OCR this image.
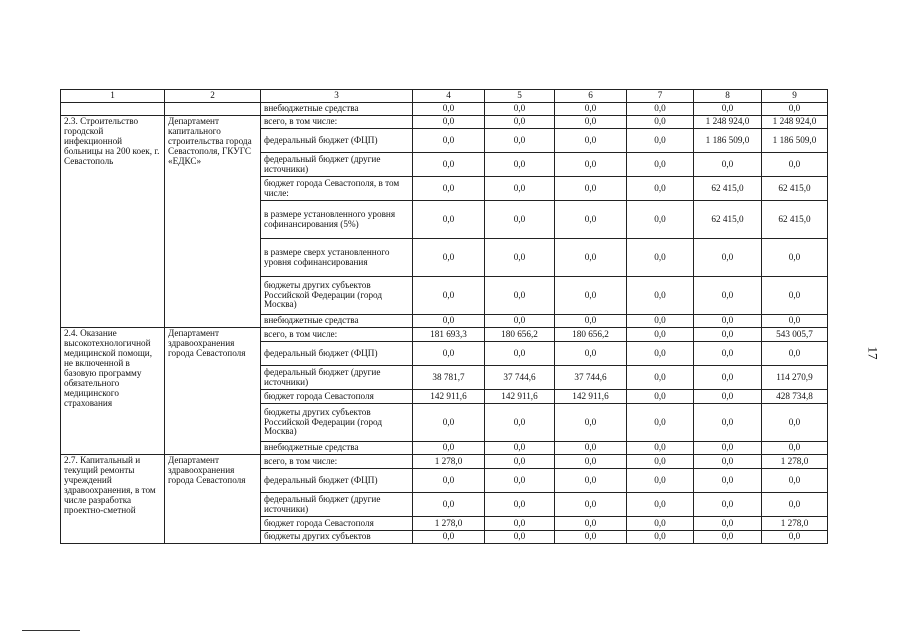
1	2	3	4	5	6	7	8	9
		внебюджетные средства	0,0	0,0	0,0	0,0	0,0	0,0
2.3. Строительство городской инфекционной больницы на 200 коек, г. Севастополь	Департамент капитального строительства города Севастополя, ГКУГС «ЕДКС»	всего, в том числе:	0,0	0,0	0,0	0,0	1 248 924,0	1 248 924,0
		федеральный бюджет (ФЦП)	0,0	0,0	0,0	0,0	1 186 509,0	1 186 509,0
		федеральный бюджет (другие источники)	0,0	0,0	0,0	0,0	0,0	0,0
		бюджет города Севастополя, в том числе:	0,0	0,0	0,0	0,0	62 415,0	62 415,0
		в размере установленного уровня софинансирования (5%)	0,0	0,0	0,0	0,0	62 415,0	62 415,0
		в размере сверх установленного уровня софинансирования	0,0	0,0	0,0	0,0	0,0	0,0
		бюджеты других субъектов Российской Федерации (город Москва)	0,0	0,0	0,0	0,0	0,0	0,0
		внебюджетные средства	0,0	0,0	0,0	0,0	0,0	0,0
2.4. Оказание высокотехнологичной медицинской помощи, не включенной в базовую программу обязательного медицинского страхования	Департамент здравоохранения города Севастополя	всего, в том числе:	181 693,3	180 656,2	180 656,2	0,0	0,0	543 005,7
		федеральный бюджет (ФЦП)	0,0	0,0	0,0	0,0	0,0	0,0
		федеральный бюджет (другие источники)	38 781,7	37 744,6	37 744,6	0,0	0,0	114 270,9
		бюджет города Севастополя	142 911,6	142 911,6	142 911,6	0,0	0,0	428 734,8
		бюджеты других субъектов Российской Федерации (город Москва)	0,0	0,0	0,0	0,0	0,0	0,0
		внебюджетные средства	0,0	0,0	0,0	0,0	0,0	0,0
2.7. Капитальный и текущий ремонты учреждений здравоохранения, в том числе разработка проектно-сметной	Департамент здравоохранения города Севастополя	всего, в том числе:	1 278,0	0,0	0,0	0,0	0,0	1 278,0
		федеральный бюджет (ФЦП)	0,0	0,0	0,0	0,0	0,0	0,0
		федеральный бюджет (другие источники)	0,0	0,0	0,0	0,0	0,0	0,0
		бюджет города Севастополя	1 278,0	0,0	0,0	0,0	0,0	1 278,0
		бюджеты других субъектов	0,0	0,0	0,0	0,0	0,0	0,0
17
